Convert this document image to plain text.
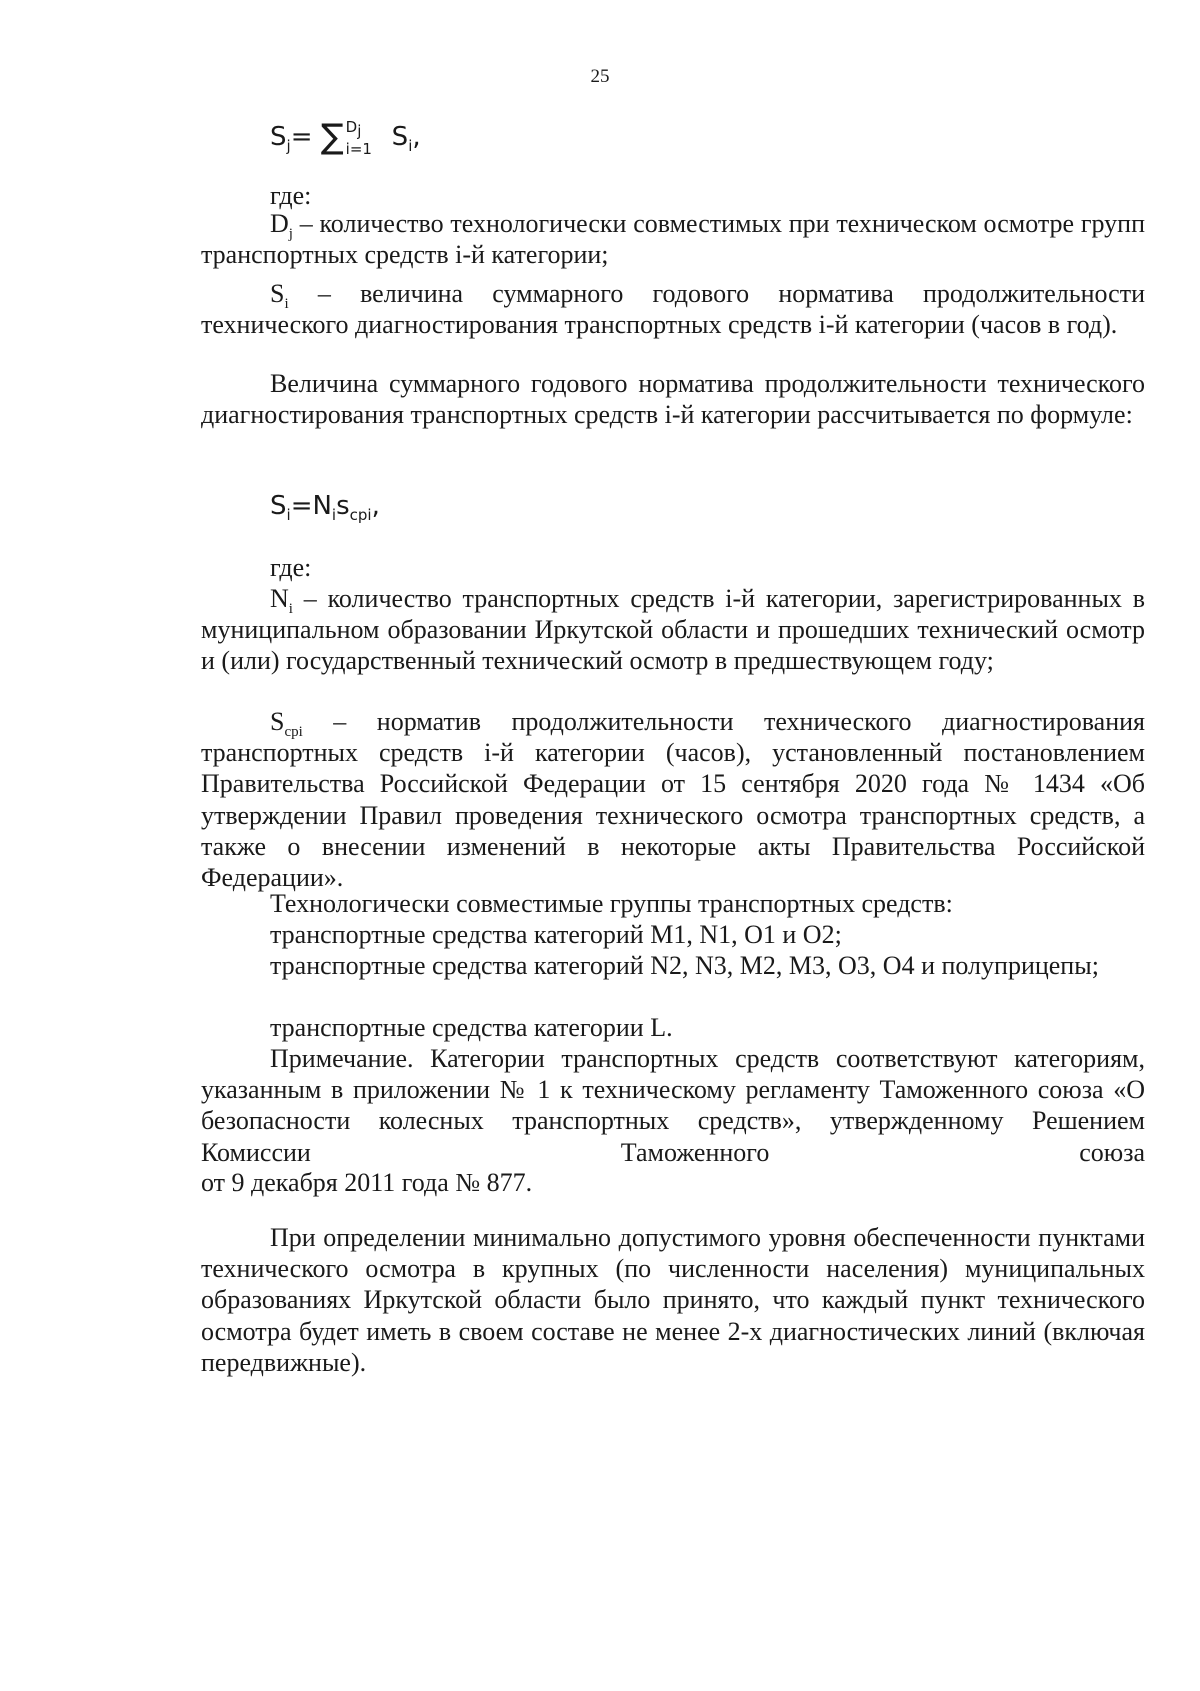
25
$S_j=$ ∑ $D_j$
i=1 $S_i$,
где:

$D_j$ – количество технологически совместимых при техническом осмотре групп транспортных средств i-й категории;

$S_i$ – величина суммарного годового норматива продолжительности технического диагностирования транспортных средств i-й категории (часов в год).

Величина суммарного годового норматива продолжительности технического диагностирования транспортных средств i-й категории рассчитывается по формуле:

$S_i=N_is_{cpi}$,
где:

$N_i$ – количество транспортных средств i-й категории, зарегистрированных в муниципальном образовании Иркутской области и прошедших технический осмотр и (или) государственный технический осмотр в предшествующем году;

$S_{cpi}$ – норматив продолжительности технического диагностирования транспортных средств i-й категории (часов), установленный постановлением Правительства Российской Федерации от 15 сентября 2020 года № 1434 «Об утверждении Правил проведения технического осмотра транспортных средств, а также о внесении изменений в некоторые акты Правительства Российской Федерации».

Технологически совместимые группы транспортных средств:

транспортные средства категорий M1, N1, O1 и O2;

транспортные средства категорий N2, N3, M2, M3, O3, O4 и полуприцепы;

транспортные средства категории L.

Примечание. Категории транспортных средств соответствуют категориям, указанным в приложении № 1 к техническому регламенту Таможенного союза «О безопасности колесных транспортных средств», утвержденному Решением Комиссии Таможенного союза

от 9 декабря 2011 года № 877.

При определении минимально допустимого уровня обеспеченности пунктами технического осмотра в крупных (по численности населения) муниципальных образованиях Иркутской области было принято, что каждый пункт технического осмотра будет иметь в своем составе не менее 2-х диагностических линий (включая передвижные).
